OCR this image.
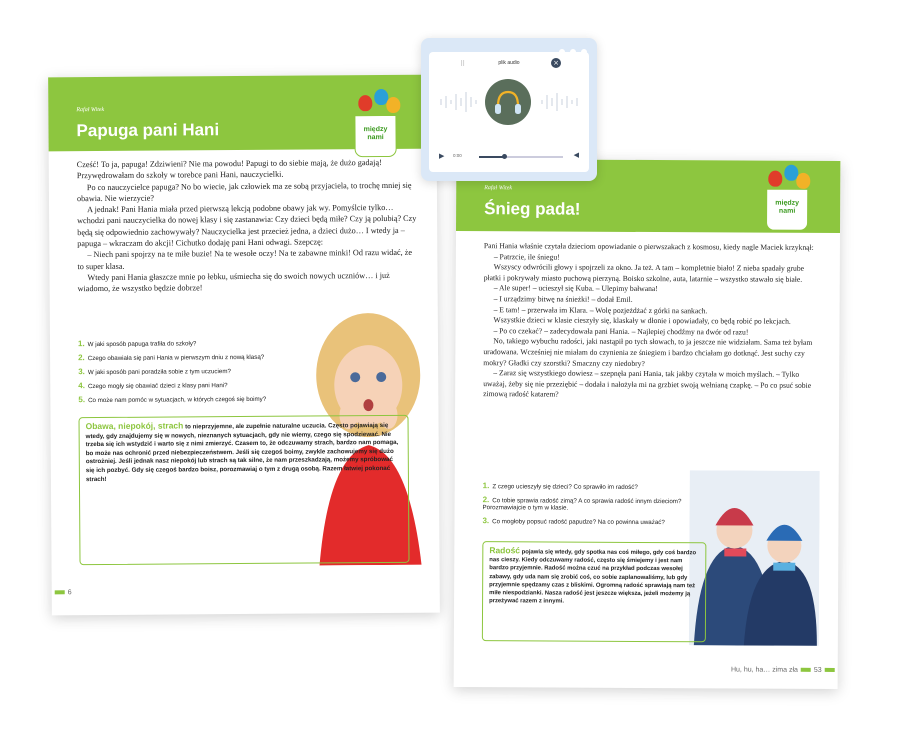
Rafał Witek
Papuga pani Hani	między
nami

Cześć! To ja, papuga! Zdziwieni? Nie ma powodu! Papugi to do siebie mają, że dużo gadają! Przywędrowałam do szkoły w torebce pani Hani, nauczycielki.

Po co nauczycielce papuga? No bo wiecie, jak człowiek ma ze sobą przyjaciela, to trochę mniej się obawia. Nie wierzycie?

A jednak! Pani Hania miała przed pierwszą lekcją podobne obawy jak wy. Pomyślcie tylko… wchodzi pani nauczycielka do nowej klasy i się zastanawia: Czy dzieci będą miłe? Czy ją polubią? Czy będą się odpowiednio zachowywały? Nauczycielka jest przecież jedna, a dzieci dużo… I wtedy ja – papuga – wkraczam do akcji! Cichutko dodaję pani Hani odwagi. Szepczę:

– Niech pani spojrzy na te miłe buzie! Na te wesołe oczy! Na te zabawne minki! Od razu widać, że to super klasa.

Wtedy pani Hania głaszcze mnie po łebku, uśmiecha się do swoich nowych uczniów… i już wiadomo, że wszystko będzie dobrze!

1. W jaki sposób papuga trafiła do szkoły?
2. Czego obawiała się pani Hania w pierwszym dniu z nową klasą?
3. W jaki sposób pani poradziła sobie z tym uczuciem?
4. Czego mogły się obawiać dzieci z klasy pani Hani?
5. Co może nam pomóc w sytuacjach, w których czegoś się boimy?
Obawa, niepokój, strach to nieprzyjemne, ale zupełnie naturalne uczucia. Często pojawiają się wtedy, gdy znajdujemy się w nowych, nieznanych sytuacjach, gdy nie wiemy, czego się spodziewać. Nie trzeba się ich wstydzić i warto się z nimi zmierzyć. Czasem to, że odczuwamy strach, bardzo nam pomaga, bo może nas ochronić przed niebezpieczeństwem. Jeśli się czegoś boimy, zwykle zachowujemy się dużo ostrożniej. Jeśli jednak nasz niepokój lub strach są tak silne, że nam przeszkadzają, możemy spróbować się ich pozbyć. Gdy się czegoś bardzo boisz, porozmawiaj o tym z drugą osobą. Razem łatwiej pokonać strach!
6
Rafał Witek
Śnieg pada!	między
nami

Pani Hania właśnie czytała dzieciom opowiadanie o pierwszakach z kosmosu, kiedy nagle Maciek krzyknął:

– Patrzcie, ile śniegu!

Wszyscy odwrócili głowy i spojrzeli za okno. Ja też. A tam – kompletnie biało! Z nieba spadały grube płatki i pokrywały miasto puchową pierzyną. Boisko szkolne, auta, latarnie – wszystko stawało się białe.

– Ale super! – ucieszył się Kuba. – Ulepimy bałwana!

– I urządzimy bitwę na śnieżki! – dodał Emil.

– E tam! – przerwała im Klara. – Wolę pozjeżdżać z górki na sankach.

Wszystkie dzieci w klasie cieszyły się, klaskały w dłonie i opowiadały, co będą robić po lekcjach.

– Po co czekać? – zadecydowała pani Hania. – Najlepiej chodźmy na dwór od razu!

No, takiego wybuchu radości, jaki nastąpił po tych słowach, to ja jeszcze nie widziałam. Sama też byłam uradowana. Wcześniej nie miałam do czynienia ze śniegiem i bardzo chciałam go dotknąć. Jest suchy czy mokry? Gładki czy szorstki? Smaczny czy niedobry?

– Zaraz się wszystkiego dowiesz – szepnęła pani Hania, tak jakby czytała w moich myślach. – Tylko uważaj, żeby się nie przeziębić – dodała i nałożyła mi na grzbiet swoją wełnianą czapkę. – Po co psuć sobie zimową radość katarem?

1. Z czego ucieszyły się dzieci? Co sprawiło im radość?
2. Co tobie sprawia radość zimą? A co sprawia radość innym dzieciom? Porozmawiajcie o tym w klasie.
3. Co mogłoby popsuć radość papudze? Na co powinna uważać?
Radość pojawia się wtedy, gdy spotka nas coś miłego, gdy coś bardzo nas cieszy. Kiedy odczuwamy radość, często się śmiejemy i jest nam bardzo przyjemnie. Radość można czuć na przykład podczas wesołej zabawy, gdy uda nam się zrobić coś, co sobie zaplanowaliśmy, lub gdy przyjemnie spędzamy czas z bliskimi. Ogromną radość sprawiają nam też miłe niespodzianki. Nasza radość jest jeszcze większa, jeżeli możemy ją przeżywać razem z innymi.
Hu, hu, ha… zima zła 53
⠿	plik audio	×
▶ 0:00	◀
